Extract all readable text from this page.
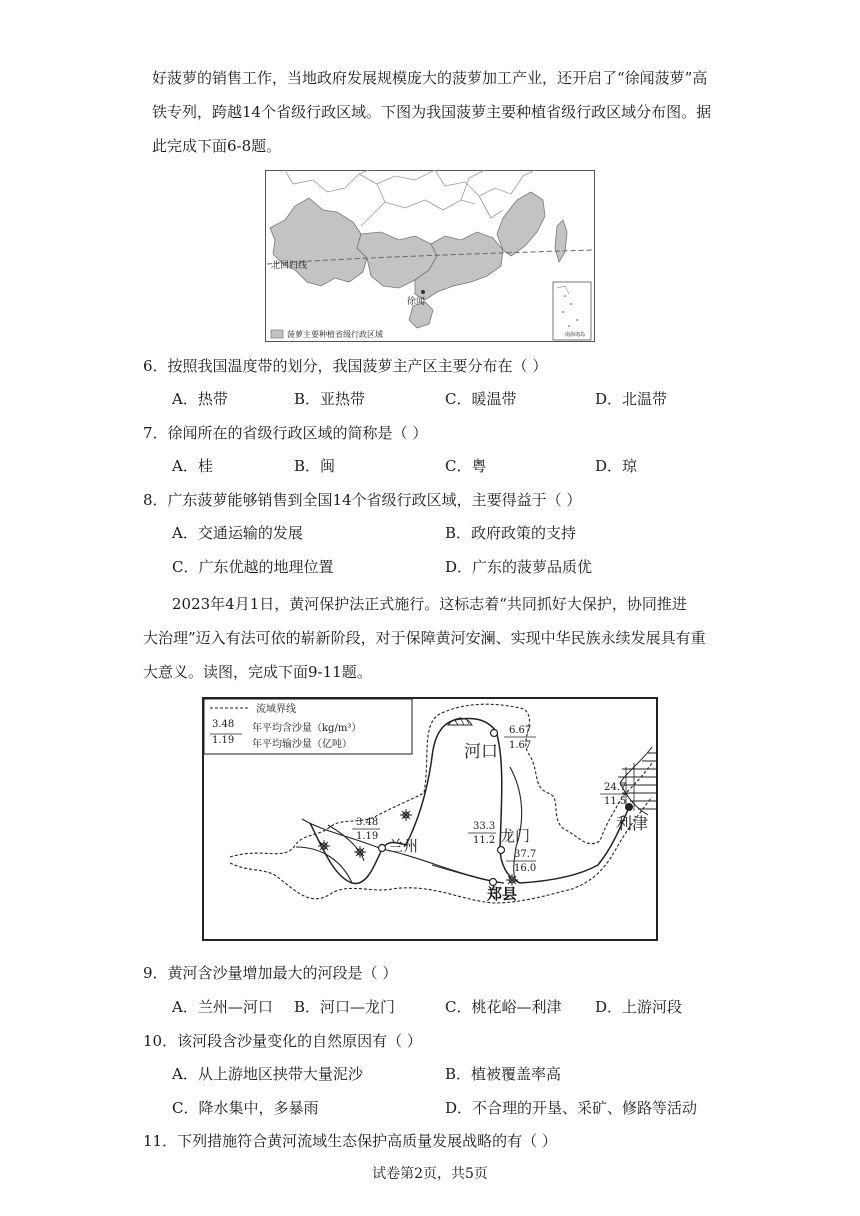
好菠萝的销售工作，当地政府发展规模庞大的菠萝加工产业，还开启了“徐闻菠萝”高
铁专列，跨越14个省级行政区域。下图为我国菠萝主要种植省级行政区域分布图。据
此完成下面6-8题。
北回归线
徐闻
菠萝主要种植省级行政区域	南海诸岛
6．按照我国温度带的划分，我国菠萝主产区主要分布在（ ）
A．热带	B．亚热带	C．暖温带	D．北温带
7．徐闻所在的省级行政区域的简称是（ ）
A．桂	B．闽	C．粤	D．琼
8．广东菠萝能够销售到全国14个省级行政区域，主要得益于（ ）
A．交通运输的发展	B．政府政策的支持
C．广东优越的地理位置	D．广东的菠萝品质优
2023年4月1日，黄河保护法正式施行。这标志着“共同抓好大保护，协同推进
大治理”迈入有法可依的崭新阶段，对于保障黄河安澜、实现中华民族永续发展具有重
大意义。读图，完成下面9-11题。
流域界线
3.48 年平均含沙量（kg/m³）
1.19 年平均输沙量（亿吨）	河口
兰州
龙门
利津
郑县
6.67
1.67
3.48
1.19
33.3
11.2
37.7
16.0
24.7
11.5
9．黄河含沙量增加最大的河段是（ ）
A．兰州—河口 B．河口—龙门	C．桃花峪—利津 D．上游河段
10．该河段含沙量变化的自然原因有（ ）
A．从上游地区挟带大量泥沙	B．植被覆盖率高
C．降水集中，多暴雨	D．不合理的开垦、采矿、修路等活动
11．下列措施符合黄河流域生态保护高质量发展战略的有（ ）
试卷第2页，共5页
